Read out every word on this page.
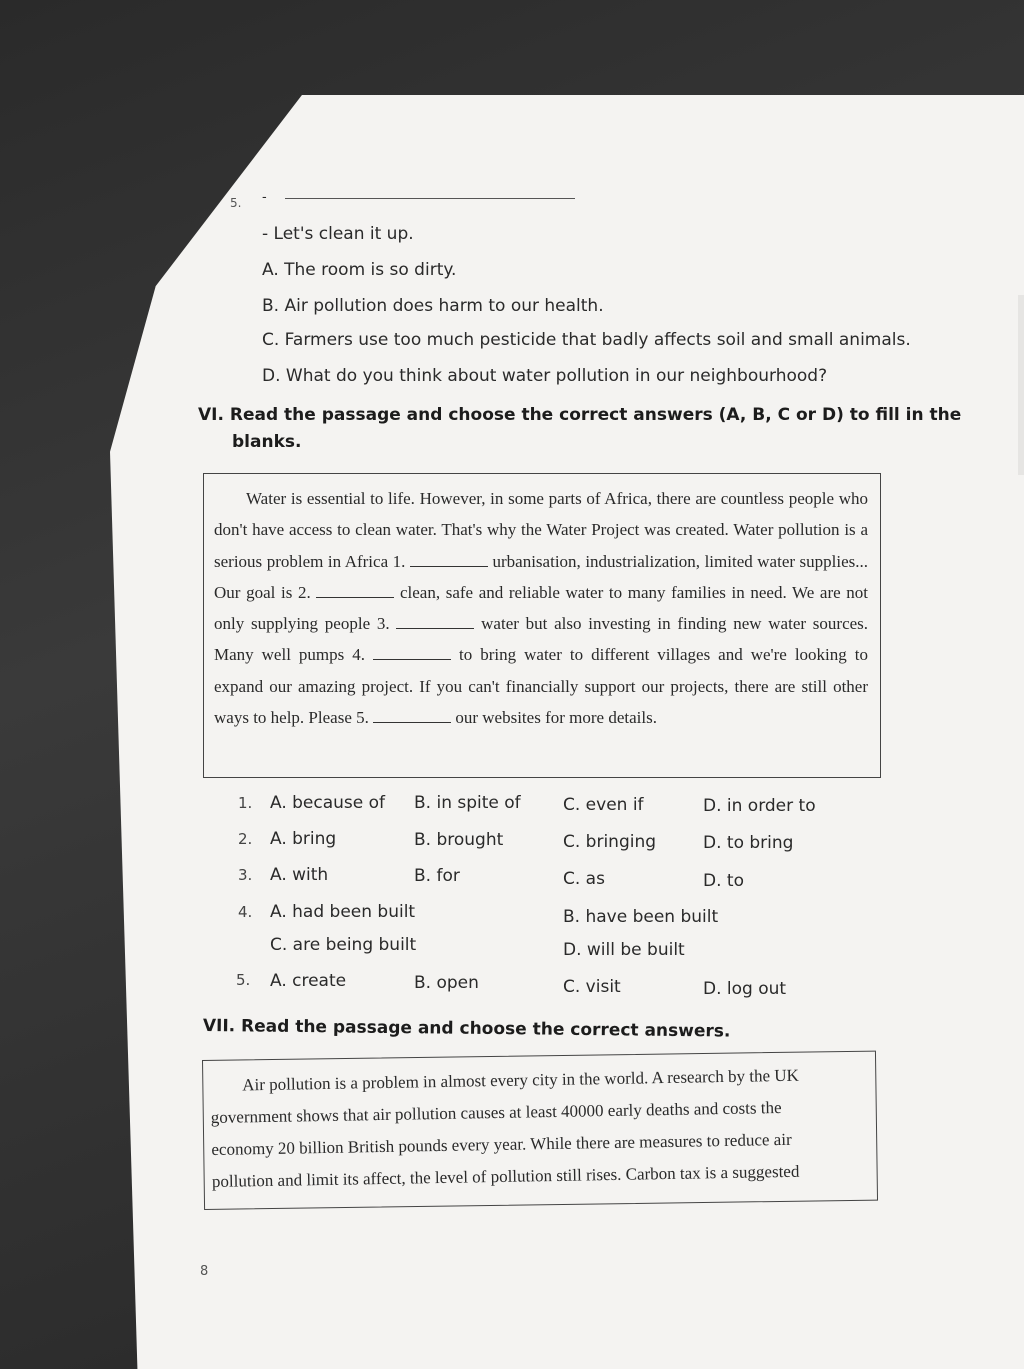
5. -
- Let's clean it up.
A. The room is so dirty.
B. Air pollution does harm to our health.
C. Farmers use too much pesticide that badly affects soil and small animals.
D. What do you think about water pollution in our neighbourhood?
VI. Read the passage and choose the correct answers (A, B, C or D) to fill in the
blanks.
Water is essential to life. However, in some parts of Africa, there are countless people who don't have access to clean water. That's why the Water Project was created. Water pollution is a serious problem in Africa 1.	urbanisation, industrialization, limited water supplies... Our goal is 2.	clean, safe and reliable water to many families in need. We are not only supplying people 3.	water but also investing in finding new water sources. Many well pumps 4.	to bring water to different villages and we're looking to expand our amazing project. If you can't financially support our projects, there are still other ways to help. Please 5.	our websites for more details.
1. A. because of B. in spite of C. even if	D. in order to
2. A. bring	B. brought	C. bringing	D. to bring
3. A. with	B. for	C. as	D. to
4. A. had been built	B. have been built
C. are being built	D. will be built
5. A. create	B. open	C. visit	D. log out
VII. Read the passage and choose the correct answers.
Air pollution is a problem in almost every city in the world. A research by the UK
government shows that air pollution causes at least 40000 early deaths and costs the
economy 20 billion British pounds every year. While there are measures to reduce air
pollution and limit its affect, the level of pollution still rises. Carbon tax is a suggested
8
